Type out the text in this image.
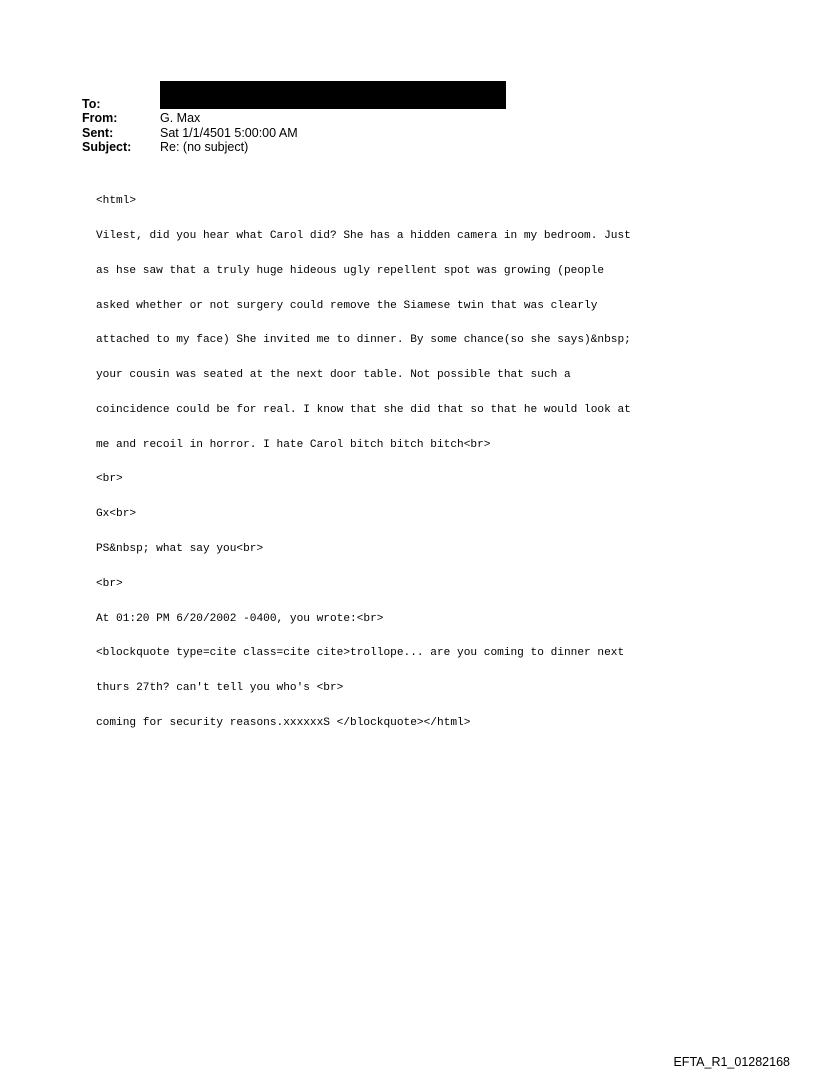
To:
From:	G. Max
Sent:	Sat 1/1/4501 5:00:00 AM
Subject:	Re: (no subject)

<html>

Vilest, did you hear what Carol did? She has a hidden camera in my bedroom. Just

as hse saw that a truly huge hideous ugly repellent spot was growing (people

asked whether or not surgery could remove the Siamese twin that was clearly

attached to my face) She invited me to dinner. By some chance(so she says)&nbsp;

your cousin was seated at the next door table. Not possible that such a

coincidence could be for real. I know that she did that so that he would look at

me and recoil in horror. I hate Carol bitch bitch bitch<br>

<br>

Gx<br>

PS&nbsp; what say you<br>

<br>

At 01:20 PM 6/20/2002 -0400, you wrote:<br>

<blockquote type=cite class=cite cite>trollope... are you coming to dinner next

thurs 27th? can't tell you who's <br>

coming for security reasons.xxxxxxS </blockquote></html>

EFTA_R1_01282168
